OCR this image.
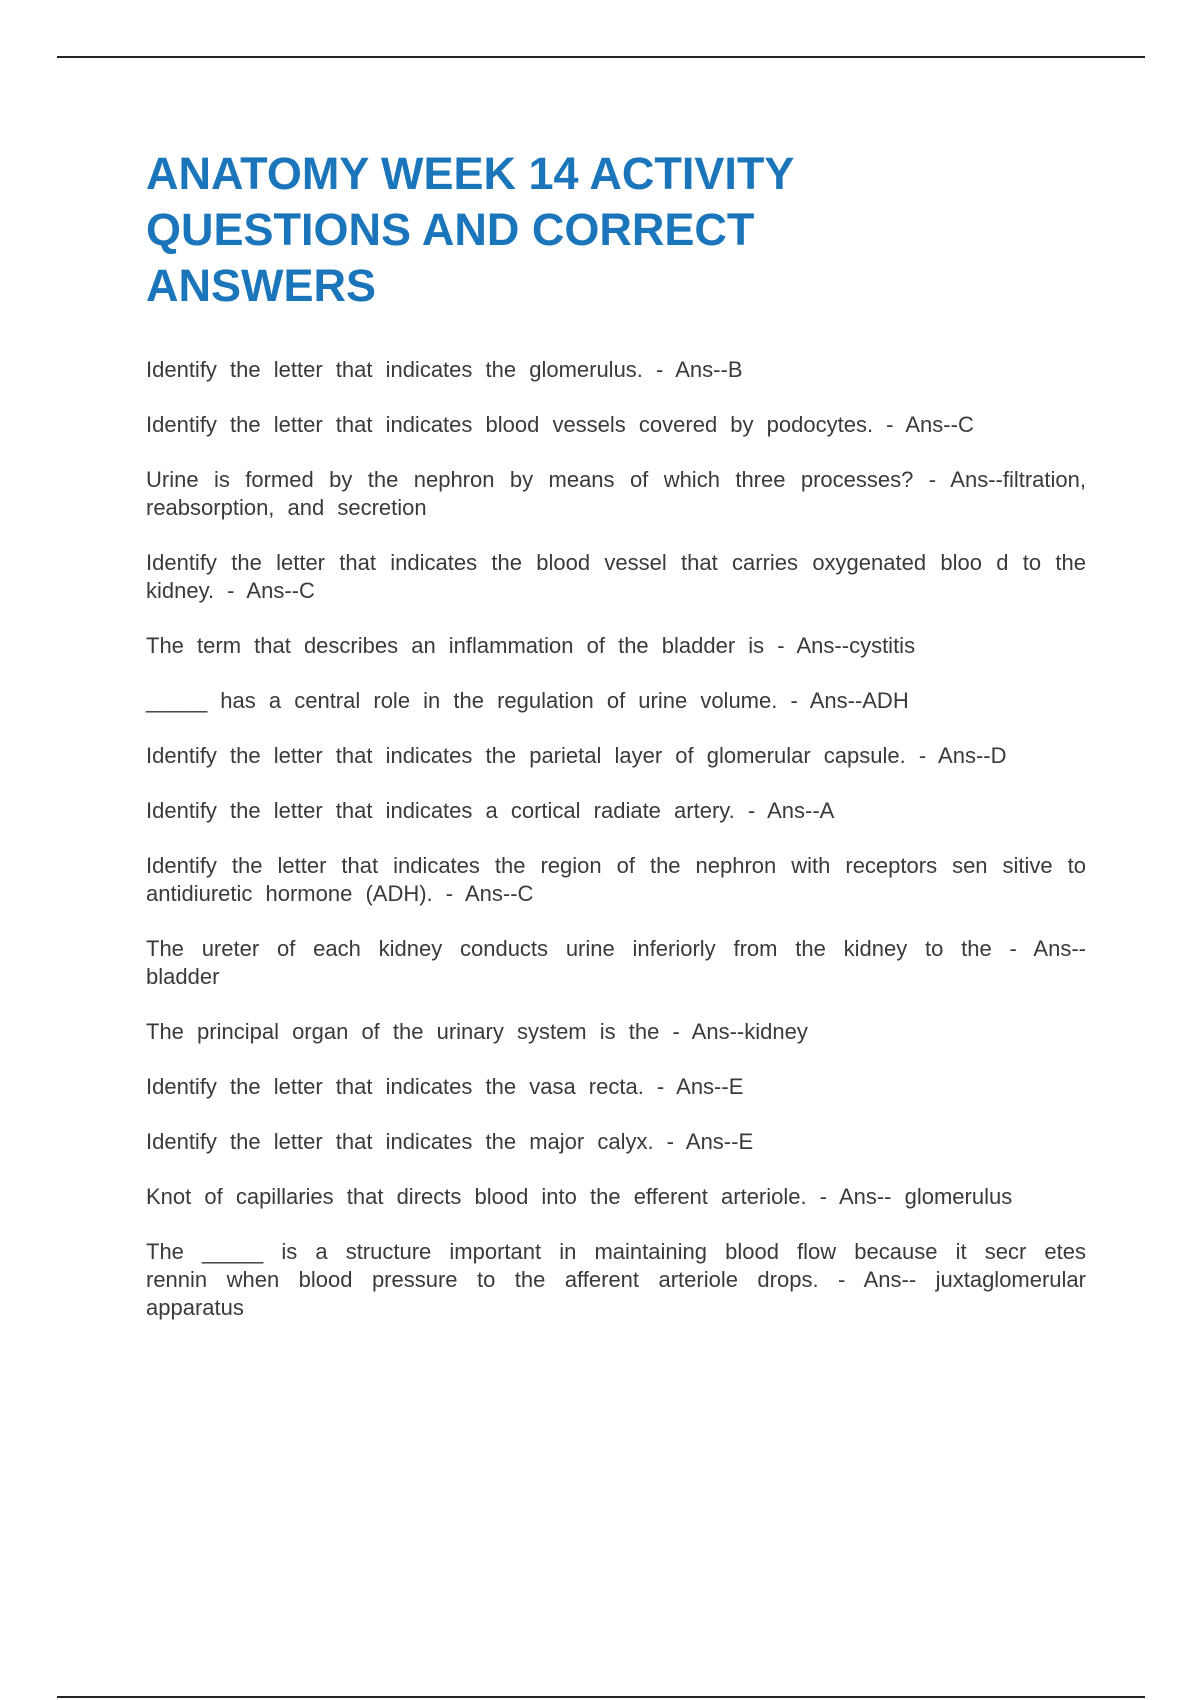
ANATOMY WEEK 14 ACTIVITY QUESTIONS AND CORRECT ANSWERS

Identify the letter that indicates the glomerulus. - Ans--B

Identify the letter that indicates blood vessels covered by podocytes. - Ans--C

Urine is formed by the nephron by means of which three processes? - Ans--filtration, reabsorption, and secretion

Identify the letter that indicates the blood vessel that carries oxygenated bloo d to the kidney. - Ans--C

The term that describes an inflammation of the bladder is - Ans--cystitis

_____ has a central role in the regulation of urine volume. - Ans--ADH

Identify the letter that indicates the parietal layer of glomerular capsule. - Ans--D

Identify the letter that indicates a cortical radiate artery. - Ans--A

Identify the letter that indicates the region of the nephron with receptors sen sitive to antidiuretic hormone (ADH). - Ans--C

The ureter of each kidney conducts urine inferiorly from the kidney to the - Ans--bladder

The principal organ of the urinary system is the - Ans--kidney

Identify the letter that indicates the vasa recta. - Ans--E

Identify the letter that indicates the major calyx. - Ans--E

Knot of capillaries that directs blood into the efferent arteriole. - Ans-- glomerulus

The _____ is a structure important in maintaining blood flow because it secr etes rennin when blood pressure to the afferent arteriole drops. - Ans-- juxtaglomerular apparatus
